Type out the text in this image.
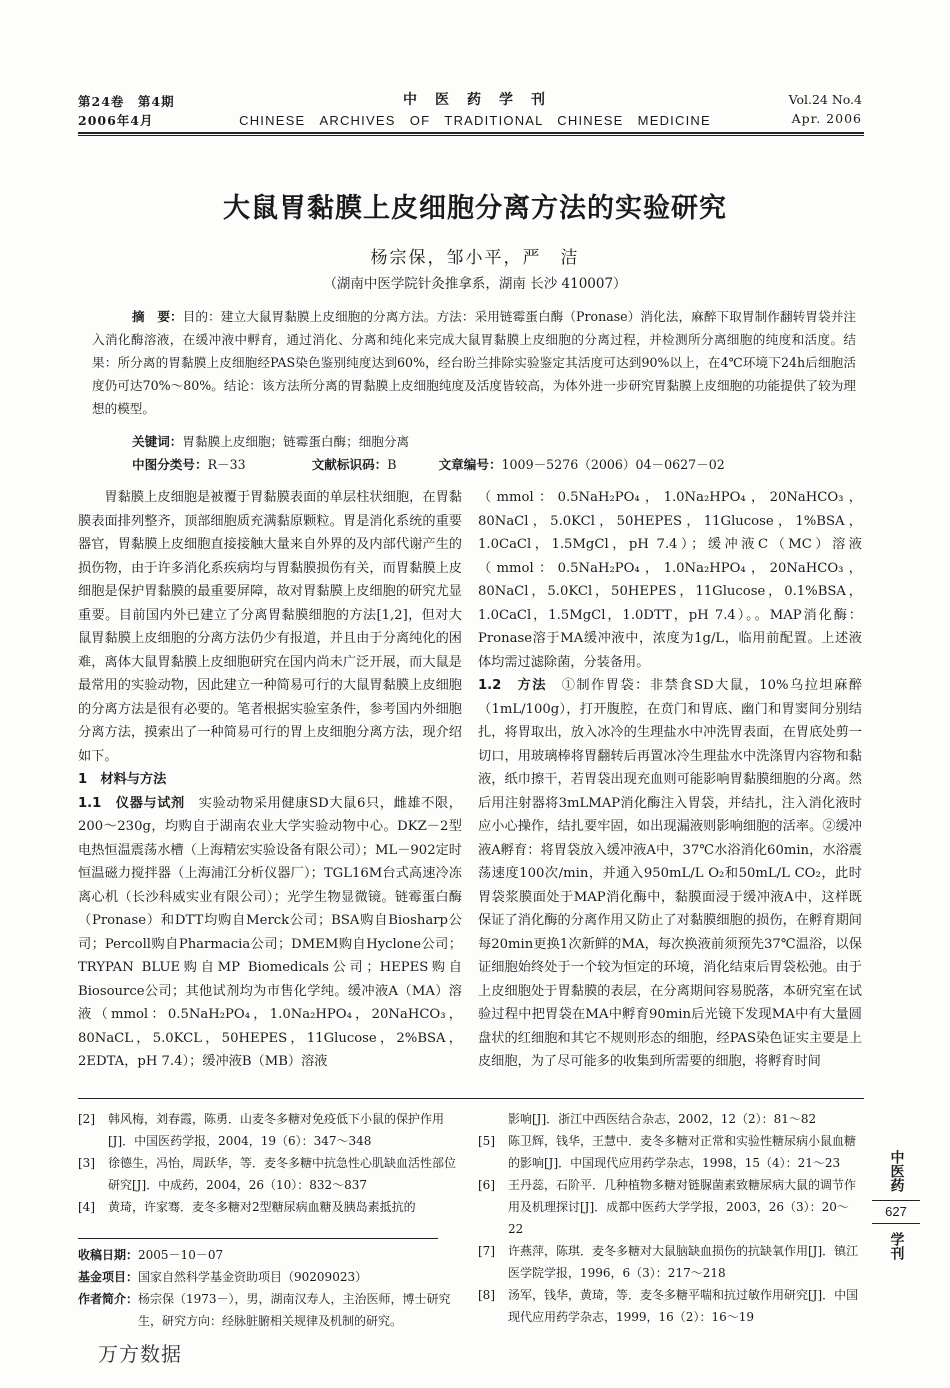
第24卷　第4期
2006年4月
中　医　药　学　刊
CHINESE　ARCHIVES　OF　TRADITIONAL　CHINESE　MEDICINE
Vol.24 No.4
Apr. 2006
大鼠胃黏膜上皮细胞分离方法的实验研究
杨宗保，邹小平，严　洁
（湖南中医学院针灸推拿系，湖南 长沙 410007）
摘　要：目的：建立大鼠胃黏膜上皮细胞的分离方法。方法：采用链霉蛋白酶（Pronase）消化法，麻醉下取胃制作翻转胃袋并注入消化酶溶液，在缓冲液中孵育，通过消化、分离和纯化来完成大鼠胃黏膜上皮细胞的分离过程，并检测所分离细胞的纯度和活度。结果：所分离的胃黏膜上皮细胞经PAS染色鉴别纯度达到60%，经台盼兰排除实验鉴定其活度可达到90%以上，在4℃环境下24h后细胞活度仍可达70%～80%。结论：该方法所分离的胃黏膜上皮细胞纯度及活度皆较高，为体外进一步研究胃黏膜上皮细胞的功能提供了较为理想的模型。
关键词：胃黏膜上皮细胞；链霉蛋白酶；细胞分离
中图分类号：R－33	文献标识码：B	文章编号：1009－5276（2006）04－0627－02

胃黏膜上皮细胞是被覆于胃黏膜表面的单层柱状细胞，在胃黏膜表面排列整齐，顶部细胞质充满黏原颗粒。胃是消化系统的重要器官，胃黏膜上皮细胞直接接触大量来自外界的及内部代谢产生的损伤物，由于许多消化系疾病均与胃黏膜损伤有关，而胃黏膜上皮细胞是保护胃黏膜的最重要屏障，故对胃黏膜上皮细胞的研究尤显重要。目前国内外已建立了分离胃黏膜细胞的方法[1,2]，但对大鼠胃黏膜上皮细胞的分离方法仍少有报道，并且由于分离纯化的困难，离体大鼠胃黏膜上皮细胞研究在国内尚未广泛开展，而大鼠是最常用的实验动物，因此建立一种简易可行的大鼠胃黏膜上皮细胞的分离方法是很有必要的。笔者根据实验室条件，参考国内外细胞分离方法，摸索出了一种简易可行的胃上皮细胞分离方法，现介绍如下。

1　材料与方法

1.1　仪器与试剂　 实验动物采用健康SD大鼠6只，雌雄不限，200～230g，均购自于湖南农业大学实验动物中心。DKZ－2型电热恒温震荡水槽（上海精宏实验设备有限公司）；ML－902定时恒温磁力搅拌器（上海浦江分析仪器厂）；TGL16M台式高速冷冻离心机（长沙科威实业有限公司）；光学生物显微镜。链霉蛋白酶（Pronase）和DTT均购自Merck公司；BSA购自Biosharp公司；Percoll购自Pharmacia公司；DMEM购自Hyclone公司；TRYPAN BLUE购自MP Biomedicals公司；HEPES购自Biosource公司；其他试剂均为市售化学纯。缓冲液A（MA）溶液（mmol：0.5NaH₂PO₄，1.0Na₂HPO₄，20NaHCO₃，80NaCL，5.0KCL，50HEPES，11Glucose，2%BSA，2EDTA，pH 7.4）；缓冲液B（MB）溶液

（mmol：0.5NaH₂PO₄，1.0Na₂HPO₄，20NaHCO₃，80NaCl，5.0KCl，50HEPES，11Glucose，1%BSA，1.0CaCl，1.5MgCl，pH 7.4）；缓冲液C（MC）溶液（mmol：0.5NaH₂PO₄，1.0Na₂HPO₄，20NaHCO₃，80NaCl，5.0KCl，50HEPES，11Glucose，0.1%BSA，1.0CaCl，1.5MgCl，1.0DTT，pH 7.4）。。MAP消化酶：Pronase溶于MA缓冲液中，浓度为1g/L，临用前配置。上述液体均需过滤除菌，分装备用。

1.2　方法　 ①制作胃袋：非禁食SD大鼠，10%乌拉坦麻醉（1mL/100g），打开腹腔，在贲门和胃底、幽门和胃窦间分别结扎，将胃取出，放入冰冷的生理盐水中冲洗胃表面，在胃底处剪一切口，用玻璃棒将胃翻转后再置冰冷生理盐水中洗涤胃内容物和黏液，纸巾擦干，若胃袋出现充血则可能影响胃黏膜细胞的分离。然后用注射器将3mLMAP消化酶注入胃袋，并结扎，注入消化液时应小心操作，结扎要牢固，如出现漏液则影响细胞的活率。②缓冲液A孵育：将胃袋放入缓冲液A中，37℃水浴消化60min，水浴震荡速度100次/min，并通入950mL/L O₂和50mL/L CO₂，此时胃袋浆膜面处于MAP消化酶中，黏膜面浸于缓冲液A中，这样既保证了消化酶的分离作用又防止了对黏膜细胞的损伤，在孵育期间每20min更换1次新鲜的MA，每次换液前须预先37℃温浴，以保证细胞始终处于一个较为恒定的环境，消化结束后胃袋松弛。由于上皮细胞处于胃黏膜的表层，在分离期间容易脱落，本研究室在试验过程中把胃袋在MA中孵育90min后光镜下发现MA中有大量圆盘状的红细胞和其它不规则形态的细胞，经PAS染色证实主要是上皮细胞，为了尽可能多的收集到所需要的细胞，将孵育时间

[2] 韩风梅，刘春霞，陈勇．山麦冬多糖对免疫低下小鼠的保护作用[J]．中国医药学报，2004，19（6）：347～348
[3] 徐德生，冯怡，周跃华，等．麦冬多糖中抗急性心肌缺血活性部位研究[J]．中成药，2004，26（10）：832～837
[4] 黄琦，许家骞．麦冬多糖对2型糖尿病血糖及胰岛素抵抗的
收稿日期：2005－10－07
基金项目：国家自然科学基金资助项目（90209023）
作者简介：杨宗保（1973－），男，湖南汉寿人，主治医师，博士研究生，研究方向：经脉脏腑相关规律及机制的研究。
影响[J]．浙江中西医结合杂志，2002，12（2）：81～82
[5] 陈卫辉，钱华，王慧中．麦冬多糖对正常和实验性糖尿病小鼠血糖的影响[J]．中国现代应用药学杂志，1998，15（4）：21～23
[6] 王丹蕊，石阶平．几种植物多糖对链脲菌素致糖尿病大鼠的调节作用及机理探讨[J]．成都中医药大学学报，2003，26（3）：20～22
[7] 许燕萍，陈琪．麦冬多糖对大鼠脑缺血损伤的抗缺氧作用[J]．镇江医学院学报，1996，6（3）：217～218
[8] 汤军，钱华，黄琦，等．麦冬多糖平喘和抗过敏作用研究[J]．中国现代应用药学杂志，1999，16（2）：16～19
中医药
627
学刊
万方数据
